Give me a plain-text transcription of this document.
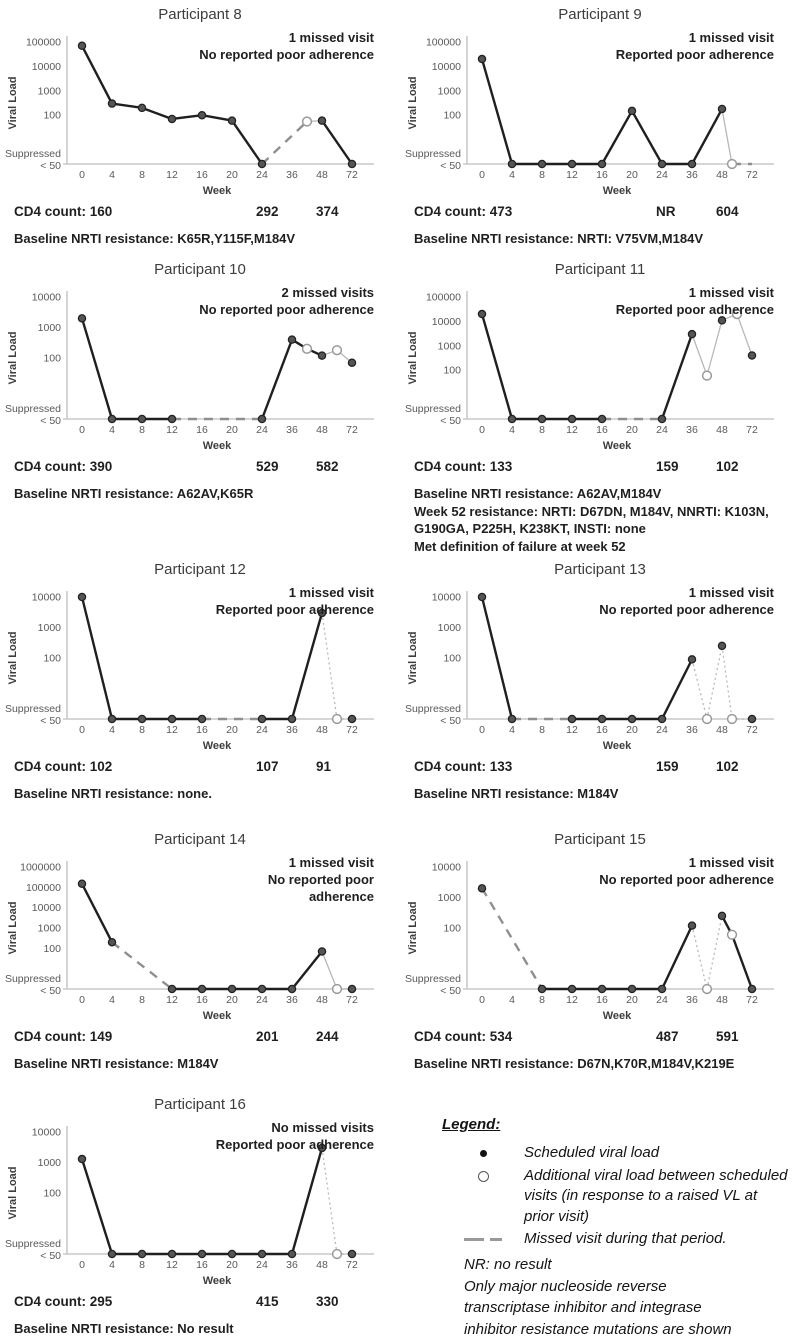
Participant 8
1 missed visit
No reported poor adherence
100
1000
10000
100000
Suppressed
< 50
Viral Load
0 4 8 12 16 20 24 36 48 72
Week
CD4 count: 160	292	374
Baseline NRTI resistance: K65R,Y115F,M184V
Participant 9
1 missed visit
Reported poor adherence
100
1000
10000
100000
Suppressed
< 50
Viral Load
0 4 8 12 16 20 24 36 48 72
Week
CD4 count: 473	NR	604
Baseline NRTI resistance: NRTI: V75VM,M184V
Participant 10
2 missed visits
No reported poor adherence
100
1000
10000
Suppressed
< 50
Viral Load
0 4 8 12 16 20 24 36 48 72
Week
CD4 count: 390	529	582
Baseline NRTI resistance: A62AV,K65R
Participant 11
1 missed visit
Reported poor adherence
100
1000
10000
100000
Suppressed
< 50
Viral Load
0 4 8 12 16 20 24 36 48 72
Week
CD4 count: 133	159	102
Baseline NRTI resistance: A62AV,M184V
Week 52 resistance: NRTI: D67DN, M184V, NNRTI: K103N, G190GA, P225H, K238KT, INSTI: none
Met definition of failure at week 52
Participant 12
1 missed visit
Reported poor adherence
100
1000
10000
Suppressed
< 50
Viral Load
0 4 8 12 16 20 24 36 48 72
Week
CD4 count: 102	107	91
Baseline NRTI resistance: none.
Participant 13
1 missed visit
No reported poor adherence
100
1000
10000
Suppressed
< 50
Viral Load
0 4 8 12 16 20 24 36 48 72
Week
CD4 count: 133	159	102
Baseline NRTI resistance: M184V
Participant 14
1 missed visit
No reported poor
adherence
100
1000
10000
100000
1000000
Suppressed
< 50
Viral Load
0 4 8 12 16 20 24 36 48 72
Week
CD4 count: 149	201	244
Baseline NRTI resistance: M184V
Participant 15
1 missed visit
No reported poor adherence
100
1000
10000
Suppressed
< 50
Viral Load
0 4 8 12 16 20 24 36 48 72
Week
CD4 count: 534	487	591
Baseline NRTI resistance: D67N,K70R,M184V,K219E
Participant 16
No missed visits
Reported poor adherence
100
1000
10000
Suppressed
< 50
Viral Load
0 4 8 12 16 20 24 36 48 72
Week
CD4 count: 295	415	330
Baseline NRTI resistance: No result
Legend:
Scheduled viral load
Additional viral load between scheduled visits (in response to a raised VL at prior visit)
Missed visit during that period.
NR: no result
Only major nucleoside reverse transcriptase inhibitor and integrase inhibitor resistance mutations are shown
